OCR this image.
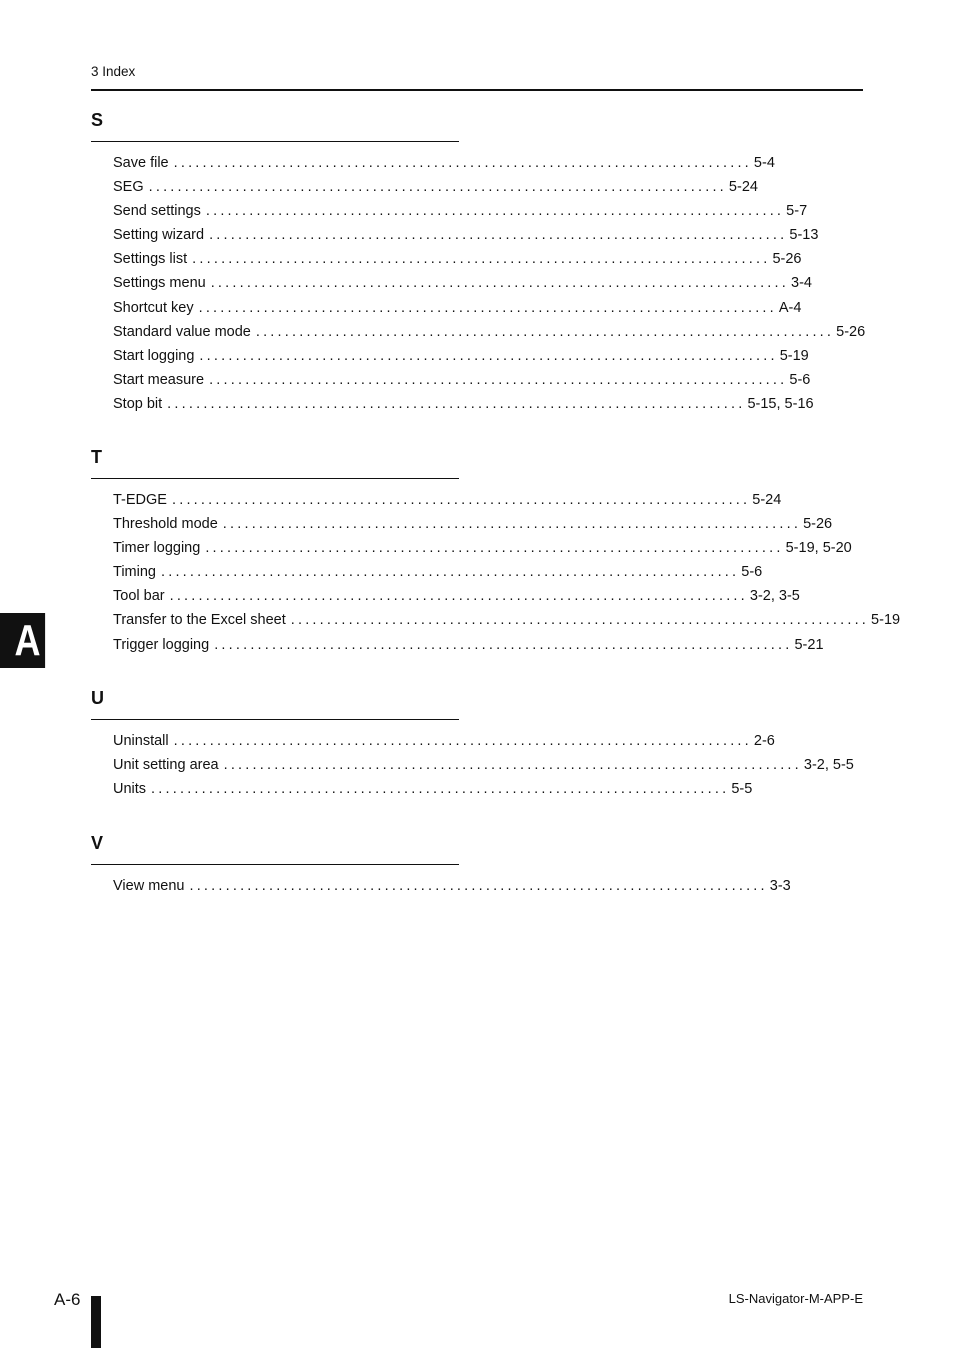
3 Index
S
Save file ................................................................................ 5-4
SEG ................................................................................ 5-24
Send settings ................................................................................ 5-7
Setting wizard ................................................................................ 5-13
Settings list ................................................................................ 5-26
Settings menu ................................................................................ 3-4
Shortcut key ................................................................................ A-4
Standard value mode ................................................................................ 5-26
Start logging ................................................................................ 5-19
Start measure ................................................................................ 5-6
Stop bit ................................................................................ 5-15, 5-16
T
T-EDGE ................................................................................ 5-24
Threshold mode ................................................................................ 5-26
Timer logging ................................................................................ 5-19, 5-20
Timing ................................................................................ 5-6
Tool bar ................................................................................ 3-2, 3-5
Transfer to the Excel sheet ................................................................................ 5-19
Trigger logging ................................................................................ 5-21
U
Uninstall ................................................................................ 2-6
Unit setting area ................................................................................ 3-2, 5-5
Units ................................................................................ 5-5
V
View menu ................................................................................ 3-3
A
A-6	LS-Navigator-M-APP-E
